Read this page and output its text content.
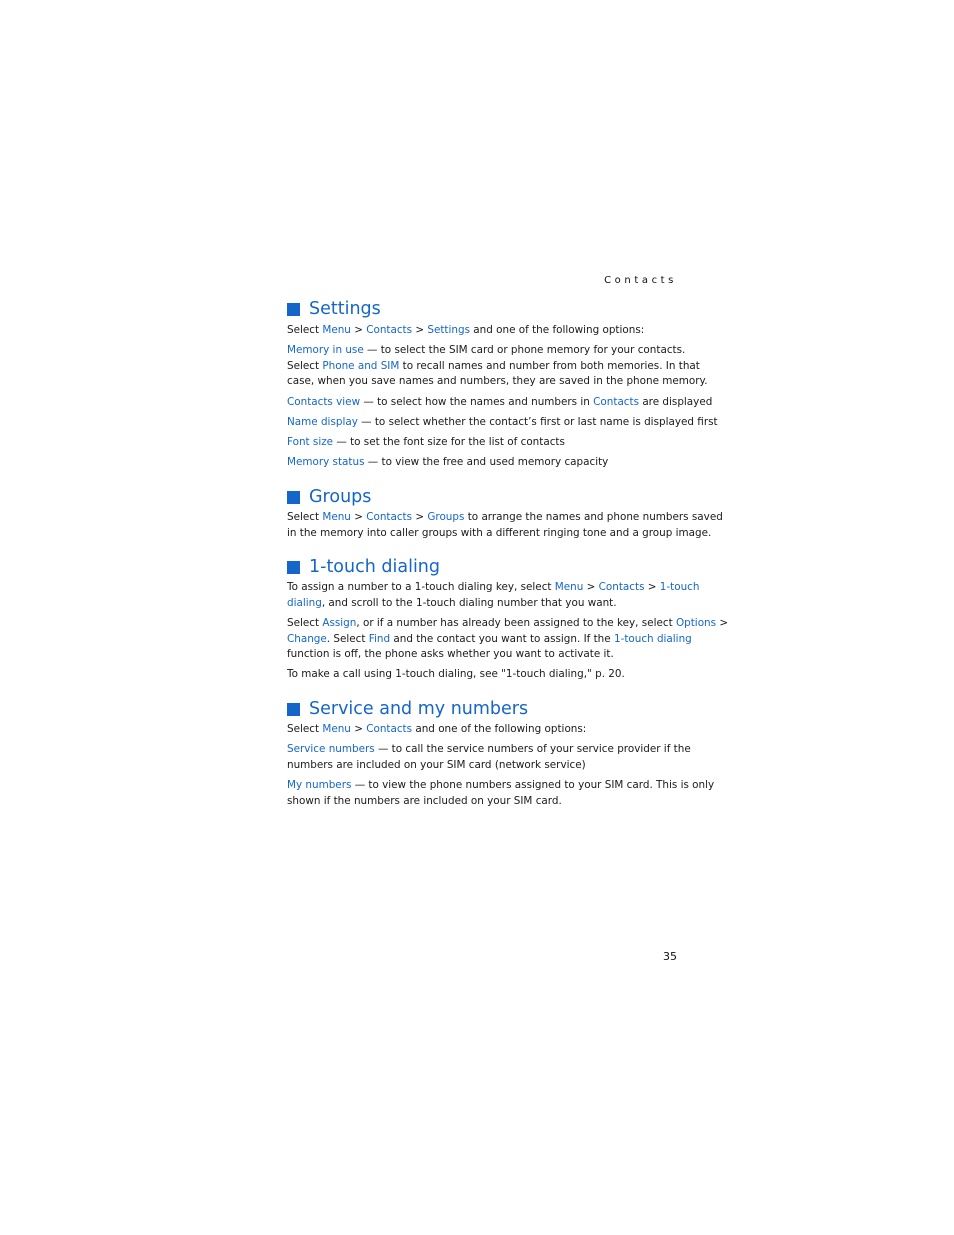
Contacts
Settings
Select Menu > Contacts > Settings and one of the following options:
Memory in use — to select the SIM card or phone memory for your contacts.
Select Phone and SIM to recall names and number from both memories. In that
case, when you save names and numbers, they are saved in the phone memory.
Contacts view — to select how the names and numbers in Contacts are displayed
Name display — to select whether the contact’s first or last name is displayed first
Font size — to set the font size for the list of contacts
Memory status — to view the free and used memory capacity
Groups
Select Menu > Contacts > Groups to arrange the names and phone numbers saved
in the memory into caller groups with a different ringing tone and a group image.
1-touch dialing
To assign a number to a 1-touch dialing key, select Menu > Contacts > 1-touch
dialing, and scroll to the 1-touch dialing number that you want.
Select Assign, or if a number has already been assigned to the key, select Options >
Change. Select Find and the contact you want to assign. If the 1-touch dialing
function is off, the phone asks whether you want to activate it.
To make a call using 1-touch dialing, see "1-touch dialing," p. 20.
Service and my numbers
Select Menu > Contacts and one of the following options:
Service numbers — to call the service numbers of your service provider if the
numbers are included on your SIM card (network service)
My numbers — to view the phone numbers assigned to your SIM card. This is only
shown if the numbers are included on your SIM card.
35
